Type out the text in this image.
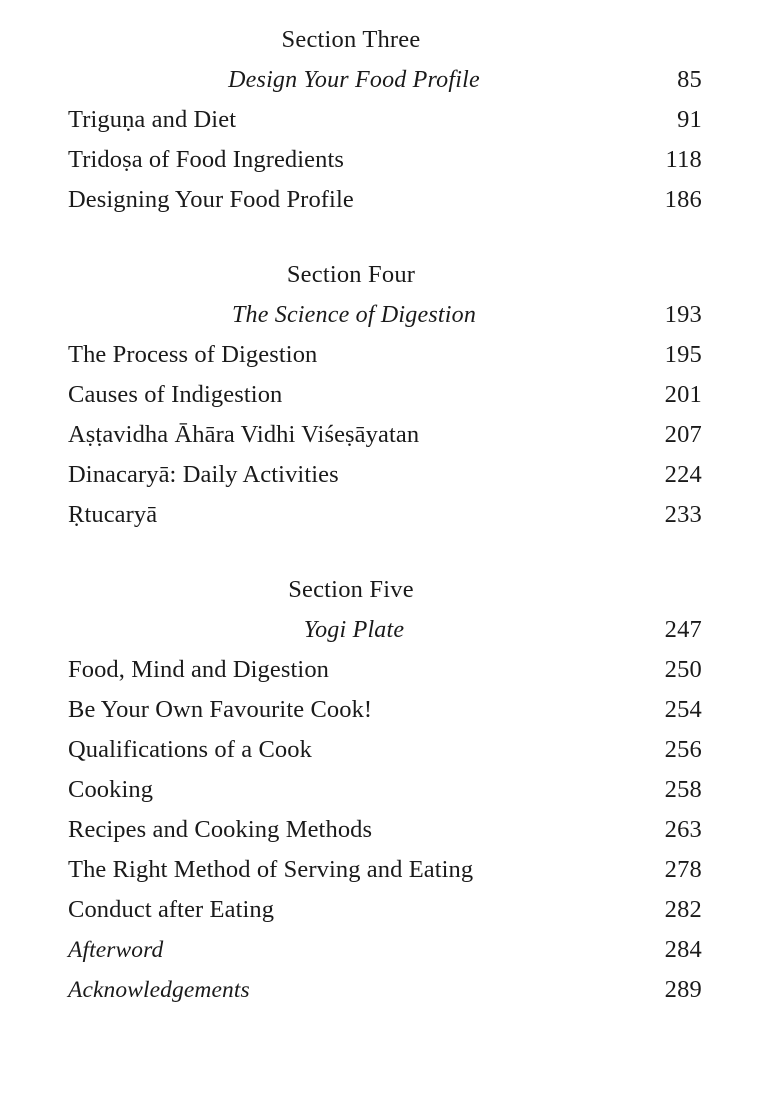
Section Three
Design Your Food Profile	85
Triguṇa and Diet	91
Tridoṣa of Food Ingredients	118
Designing Your Food Profile	186
Section Four
The Science of Digestion	193
The Process of Digestion	195
Causes of Indigestion	201
Aṣṭavidha Āhāra Vidhi Viśeṣāyatan	207
Dinacaryā: Daily Activities	224
Ṛtucaryā	233
Section Five
Yogi Plate	247
Food, Mind and Digestion	250
Be Your Own Favourite Cook!	254
Qualifications of a Cook	256
Cooking	258
Recipes and Cooking Methods	263
The Right Method of Serving and Eating	278
Conduct after Eating	282
Afterword	284
Acknowledgements	289
